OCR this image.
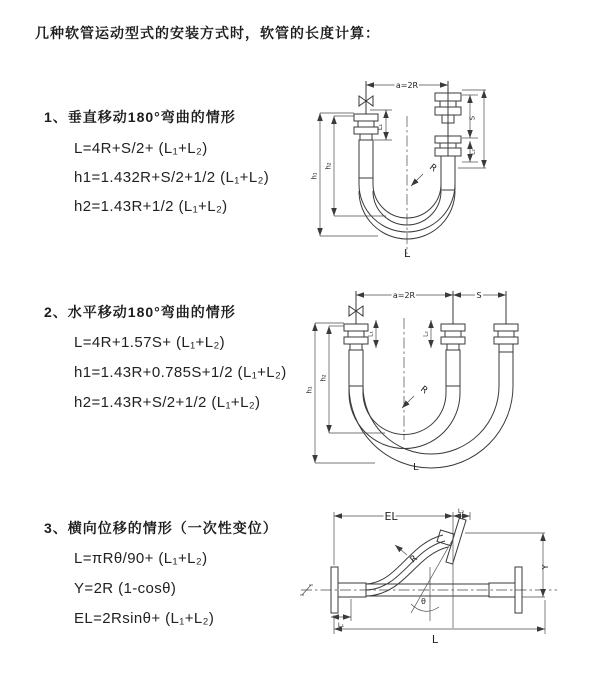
几种软管运动型式的安装方式时，软管的长度计算：
1、垂直移动180°弯曲的情形
L=4R+S/2+ (L₁+L₂)
h1=1.432R+S/2+1/2 (L₁+L₂)
h2=1.43R+1/2 (L₁+L₂)
2、水平移动180°弯曲的情形
L=4R+1.57S+ (L₁+L₂)
h1=1.43R+0.785S+1/2 (L₁+L₂)
h2=1.43R+S/2+1/2 (L₁+L₂)
3、横向位移的情形（一次性变位）
L=πRθ/90+ (L₁+L₂)
Y=2R (1-cosθ)
EL=2Rsinθ+ (L₁+L₂)
a=2R
L₁
S
L₂
R
L
h₁
h₂
a=2R	S
L₁	L₂
R
L
h₁
h₂
θ
EL	L₂
Y
R
L₁
L
